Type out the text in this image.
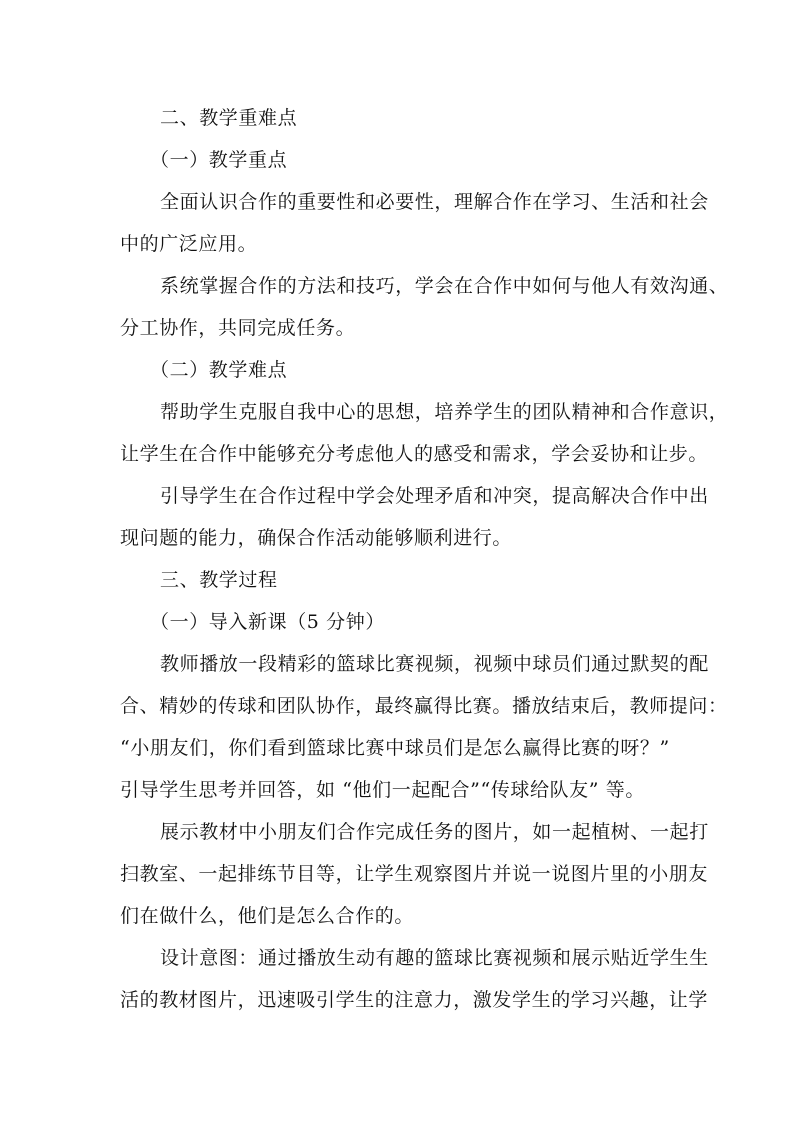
二、教学重难点
（一）教学重点
全面认识合作的重要性和必要性，理解合作在学习、生活和社会
中的广泛应用。
系统掌握合作的方法和技巧，学会在合作中如何与他人有效沟通、
分工协作，共同完成任务。
（二）教学难点
帮助学生克服自我中心的思想，培养学生的团队精神和合作意识，
让学生在合作中能够充分考虑他人的感受和需求，学会妥协和让步。
引导学生在合作过程中学会处理矛盾和冲突，提高解决合作中出
现问题的能力，确保合作活动能够顺利进行。
三、教学过程
（一）导入新课（5 分钟）
教师播放一段精彩的篮球比赛视频，视频中球员们通过默契的配
合、精妙的传球和团队协作，最终赢得比赛。播放结束后，教师提问：
“小朋友们，你们看到篮球比赛中球员们是怎么赢得比赛的呀？”
引导学生思考并回答，如 “他们一起配合”“传球给队友” 等。
展示教材中小朋友们合作完成任务的图片，如一起植树、一起打
扫教室、一起排练节目等，让学生观察图片并说一说图片里的小朋友
们在做什么，他们是怎么合作的。
设计意图：通过播放生动有趣的篮球比赛视频和展示贴近学生生
活的教材图片，迅速吸引学生的注意力，激发学生的学习兴趣，让学
